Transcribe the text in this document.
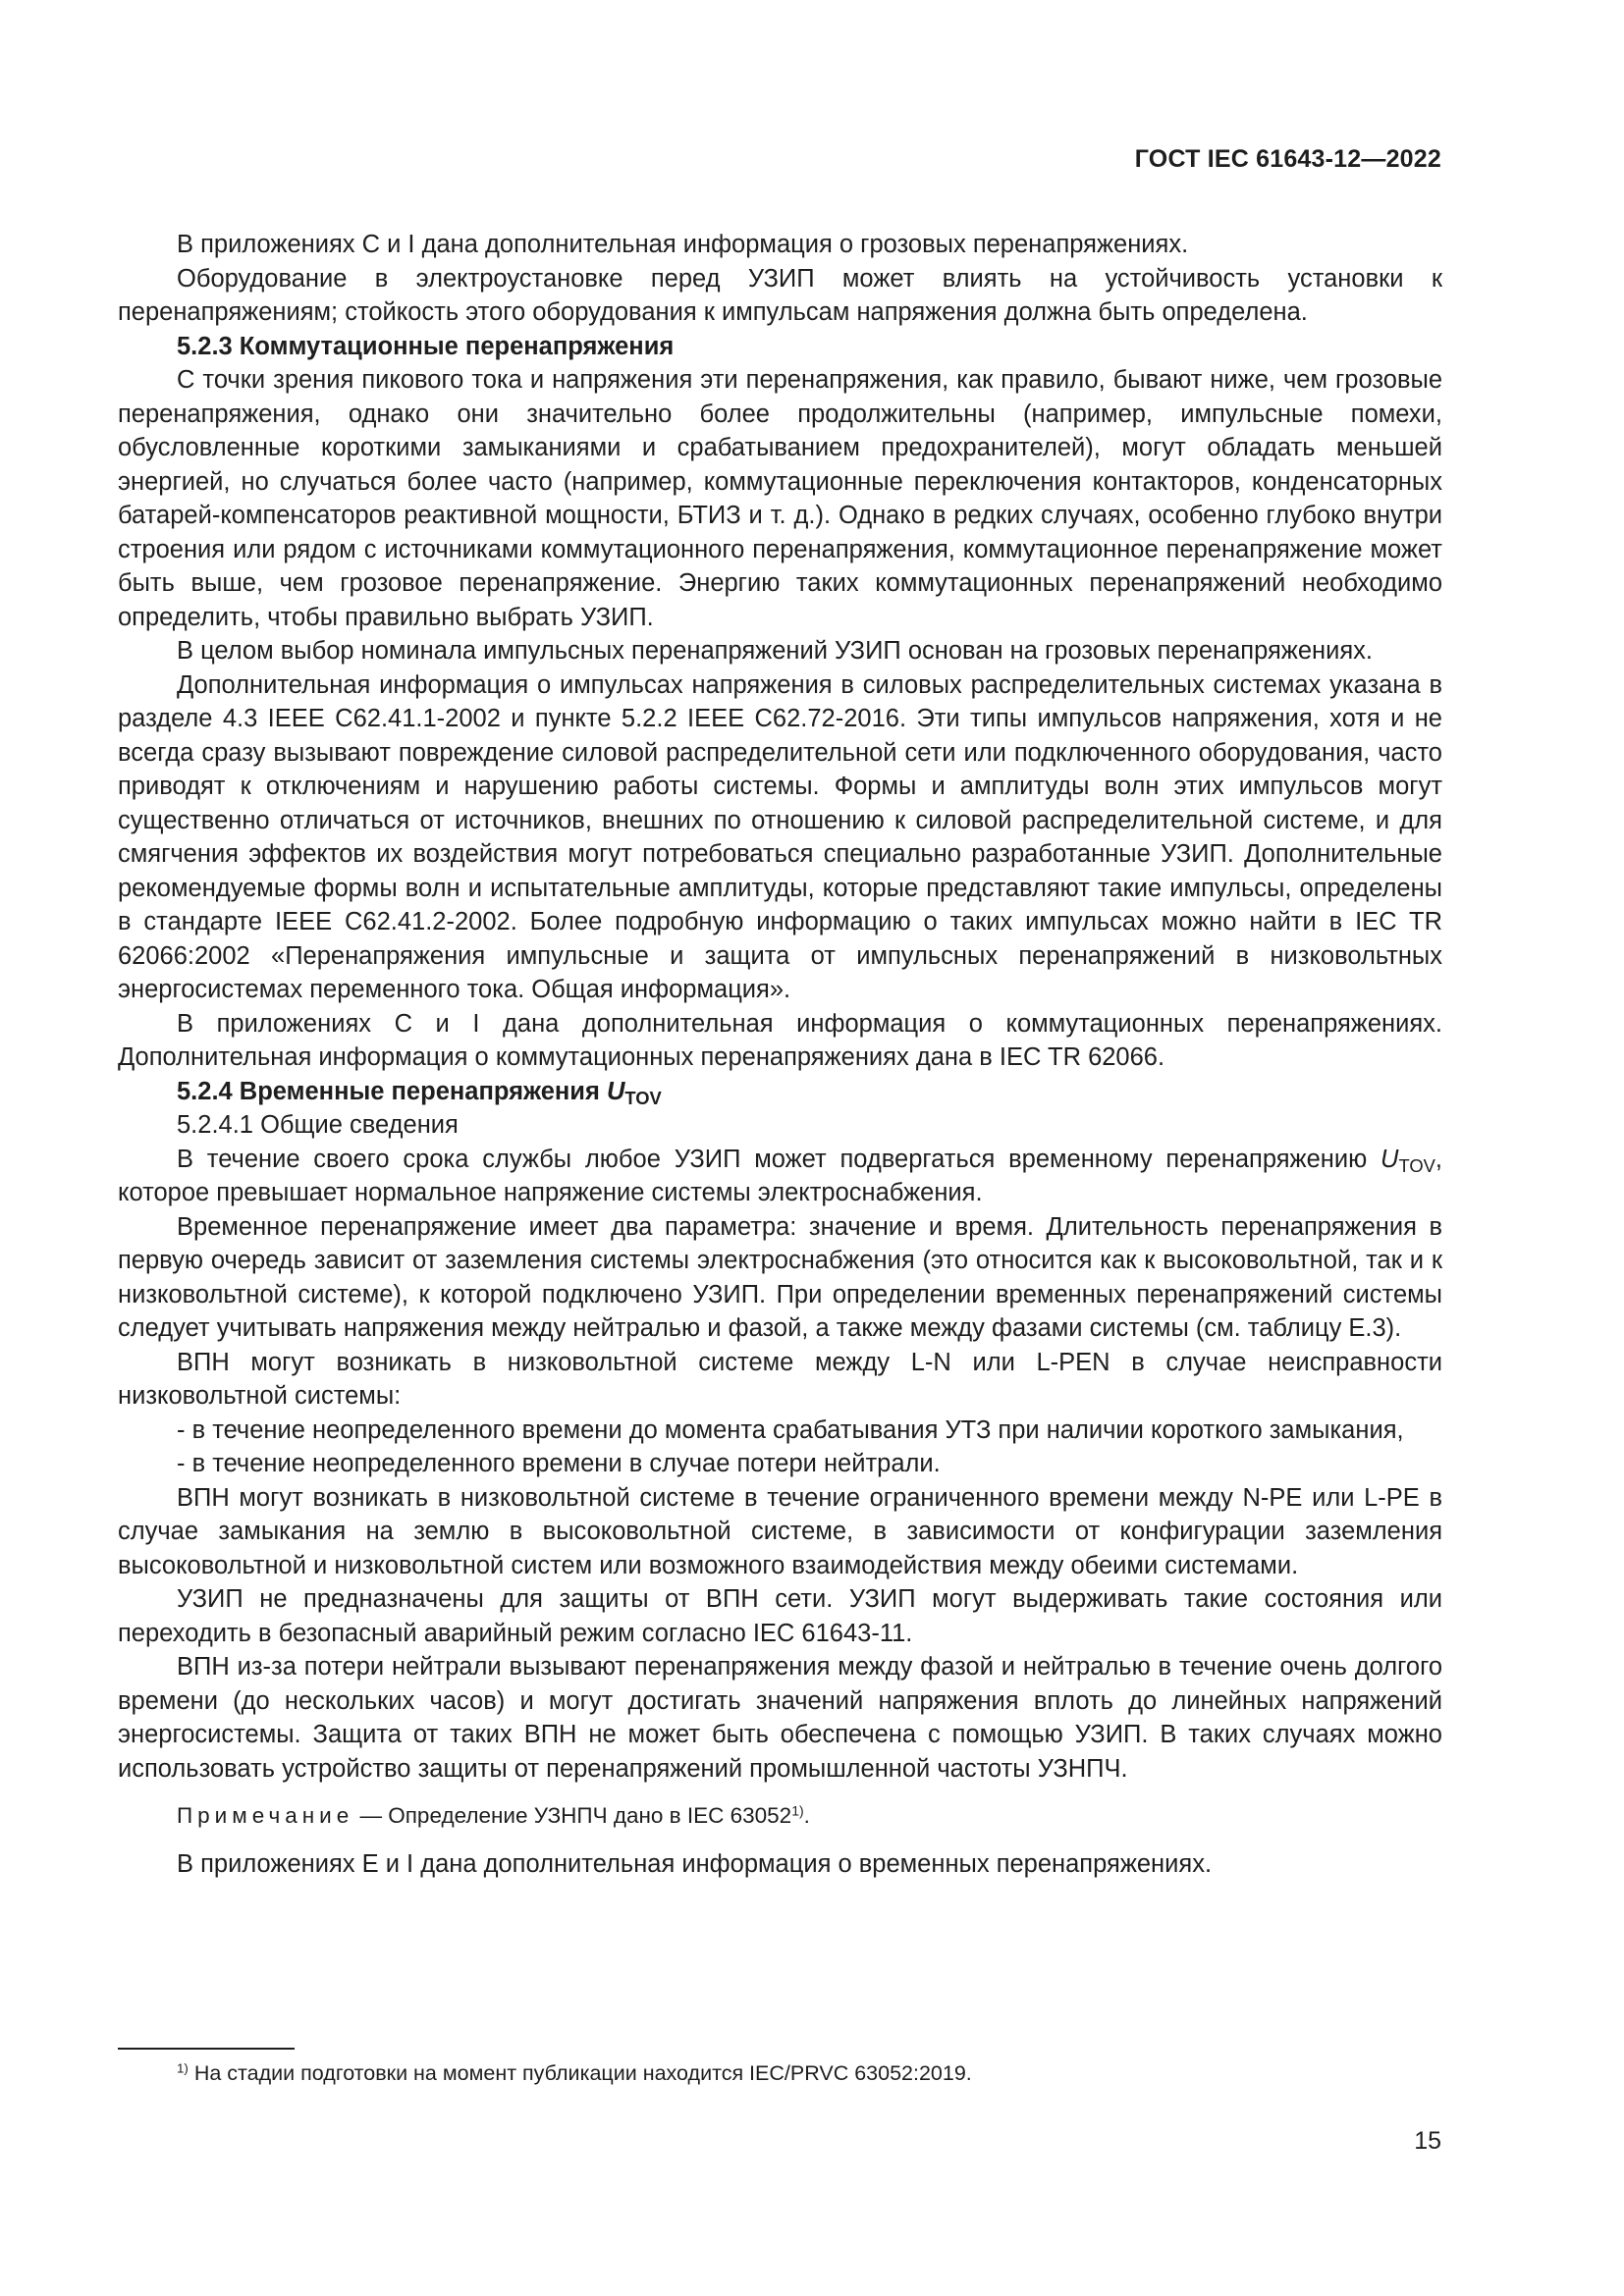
ГОСТ IEC 61643-12—2022

В приложениях С и I дана дополнительная информация о грозовых перенапряжениях.

Оборудование в электроустановке перед УЗИП может влиять на устойчивость установки к перенапряжениям; стойкость этого оборудования к импульсам напряжения должна быть определена.

5.2.3 Коммутационные перенапряжения

С точки зрения пикового тока и напряжения эти перенапряжения, как правило, бывают ниже, чем грозовые перенапряжения, однако они значительно более продолжительны (например, импульсные помехи, обусловленные короткими замыканиями и срабатыванием предохранителей), могут обладать меньшей энергией, но случаться более часто (например, коммутационные переключения контакторов, конденсаторных батарей-компенсаторов реактивной мощности, БТИЗ и т. д.). Однако в редких случаях, особенно глубоко внутри строения или рядом с источниками коммутационного перенапряжения, коммутационное перенапряжение может быть выше, чем грозовое перенапряжение. Энергию таких коммутационных перенапряжений необходимо определить, чтобы правильно выбрать УЗИП.

В целом выбор номинала импульсных перенапряжений УЗИП основан на грозовых перенапряжениях.

Дополнительная информация о импульсах напряжения в силовых распределительных системах указана в разделе 4.3 IEEE C62.41.1-2002 и пункте 5.2.2 IEEE C62.72-2016. Эти типы импульсов напряжения, хотя и не всегда сразу вызывают повреждение силовой распределительной сети или подключенного оборудования, часто приводят к отключениям и нарушению работы системы. Формы и амплитуды волн этих импульсов могут существенно отличаться от источников, внешних по отношению к силовой распределительной системе, и для смягчения эффектов их воздействия могут потребоваться специально разработанные УЗИП. Дополнительные рекомендуемые формы волн и испытательные амплитуды, которые представляют такие импульсы, определены в стандарте IEEE C62.41.2-2002. Более подробную информацию о таких импульсах можно найти в IEC TR 62066:2002 «Перенапряжения импульсные и защита от импульсных перенапряжений в низковольтных энергосистемах переменного тока. Общая информация».

В приложениях С и I дана дополнительная информация о коммутационных перенапряжениях. Дополнительная информация о коммутационных перенапряжениях дана в IEC TR 62066.

5.2.4 Временные перенапряжения $U_{TOV}$

5.2.4.1 Общие сведения

В течение своего срока службы любое УЗИП может подвергаться временному перенапряжению $U_{TOV}$, которое превышает нормальное напряжение системы электроснабжения.

Временное перенапряжение имеет два параметра: значение и время. Длительность перенапряжения в первую очередь зависит от заземления системы электроснабжения (это относится как к высоковольтной, так и к низковольтной системе), к которой подключено УЗИП. При определении временных перенапряжений системы следует учитывать напряжения между нейтралью и фазой, а также между фазами системы (см. таблицу Е.3).

ВПН могут возникать в низковольтной системе между L-N или L-PEN в случае неисправности низковольтной системы:

- в течение неопределенного времени до момента срабатывания УТЗ при наличии короткого замыкания,

- в течение неопределенного времени в случае потери нейтрали.

ВПН могут возникать в низковольтной системе в течение ограниченного времени между N-PE или L-PE в случае замыкания на землю в высоковольтной системе, в зависимости от конфигурации заземления высоковольтной и низковольтной систем или возможного взаимодействия между обеими системами.

УЗИП не предназначены для защиты от ВПН сети. УЗИП могут выдерживать такие состояния или переходить в безопасный аварийный режим согласно IEC 61643-11.

ВПН из-за потери нейтрали вызывают перенапряжения между фазой и нейтралью в течение очень долгого времени (до нескольких часов) и могут достигать значений напряжения вплоть до линейных напряжений энергосистемы. Защита от таких ВПН не может быть обеспечена с помощью УЗИП. В таких случаях можно использовать устройство защиты от перенапряжений промышленной частоты УЗНПЧ.

Примечание — Определение УЗНПЧ дано в IEC 63052$^{1)}$.

В приложениях Е и I дана дополнительная информация о временных перенапряжениях.

$^{1)}$ На стадии подготовки на момент публикации находится IEC/PRVC 63052:2019.
15
